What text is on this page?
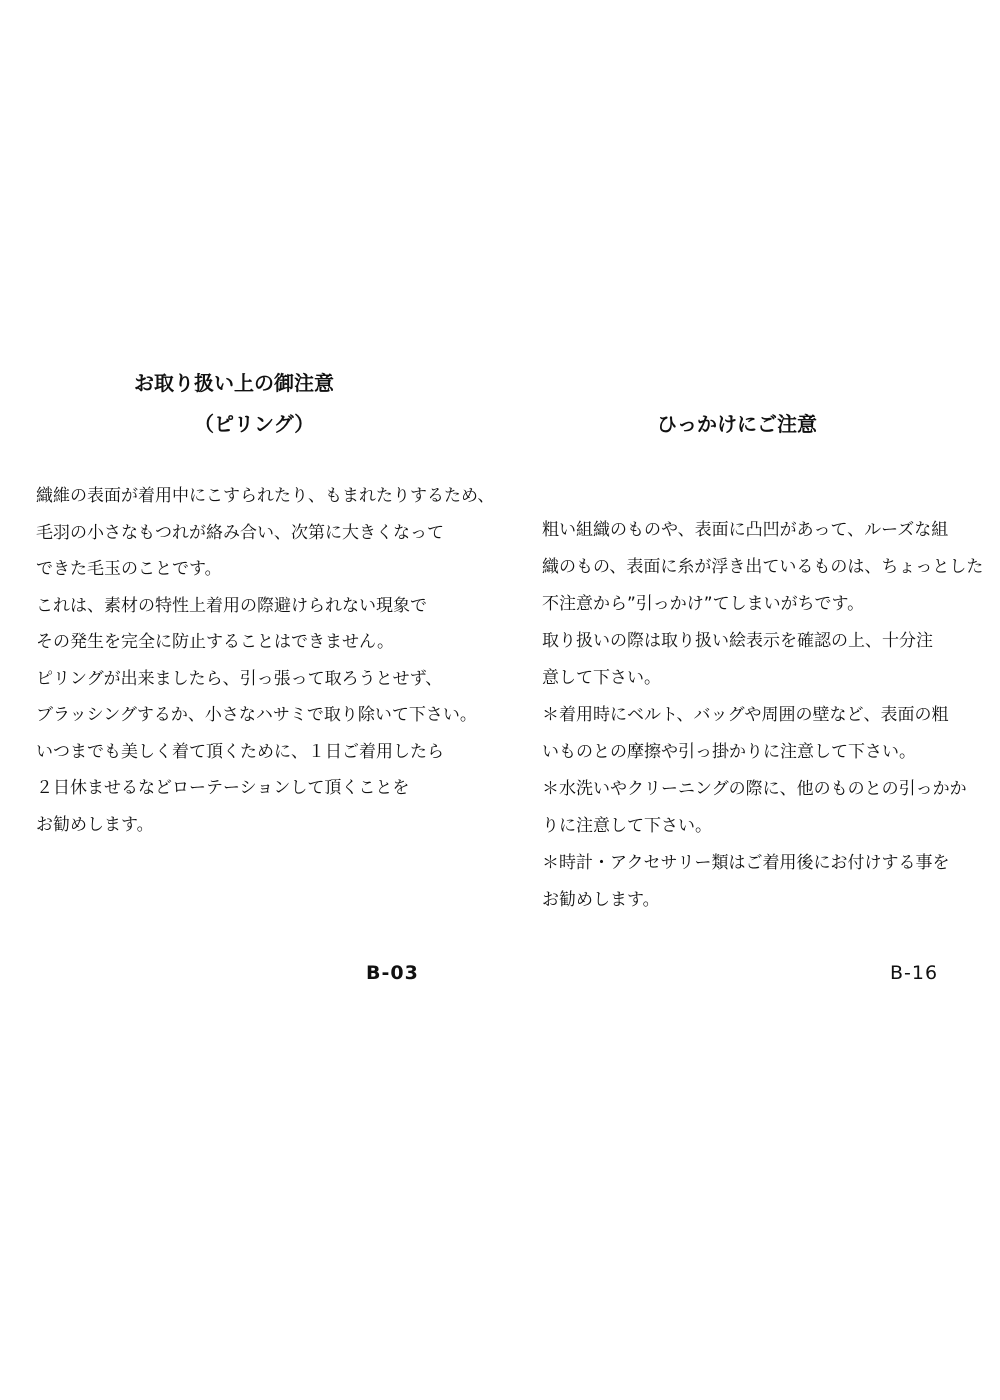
お取り扱い上の御注意
（ピリング）
織維の表面が着用中にこすられたり、もまれたりするため、
毛羽の小さなもつれが絡み合い、次第に大きくなって
できた毛玉のことです。
これは、素材の特性上着用の際避けられない現象で
その発生を完全に防止することはできません。
ピリングが出来ましたら、引っ張って取ろうとせず、
ブラッシングするか、小さなハサミで取り除いて下さい。
いつまでも美しく着て頂くために、１日ご着用したら
２日休ませるなどローテーションして頂くことを
お勧めします。
ひっかけにご注意
粗い組織のものや、表面に凸凹があって、ルーズな組
織のもの、表面に糸が浮き出ているものは、ちょっとした
不注意から”引っかけ”てしまいがちです。
取り扱いの際は取り扱い絵表示を確認の上、十分注
意して下さい。
＊着用時にベルト、バッグや周囲の壁など、表面の粗
いものとの摩擦や引っ掛かりに注意して下さい。
＊水洗いやクリーニングの際に、他のものとの引っかか
りに注意して下さい。
＊時計・アクセサリー類はご着用後にお付けする事を
お勧めします。
B-03	B-16
